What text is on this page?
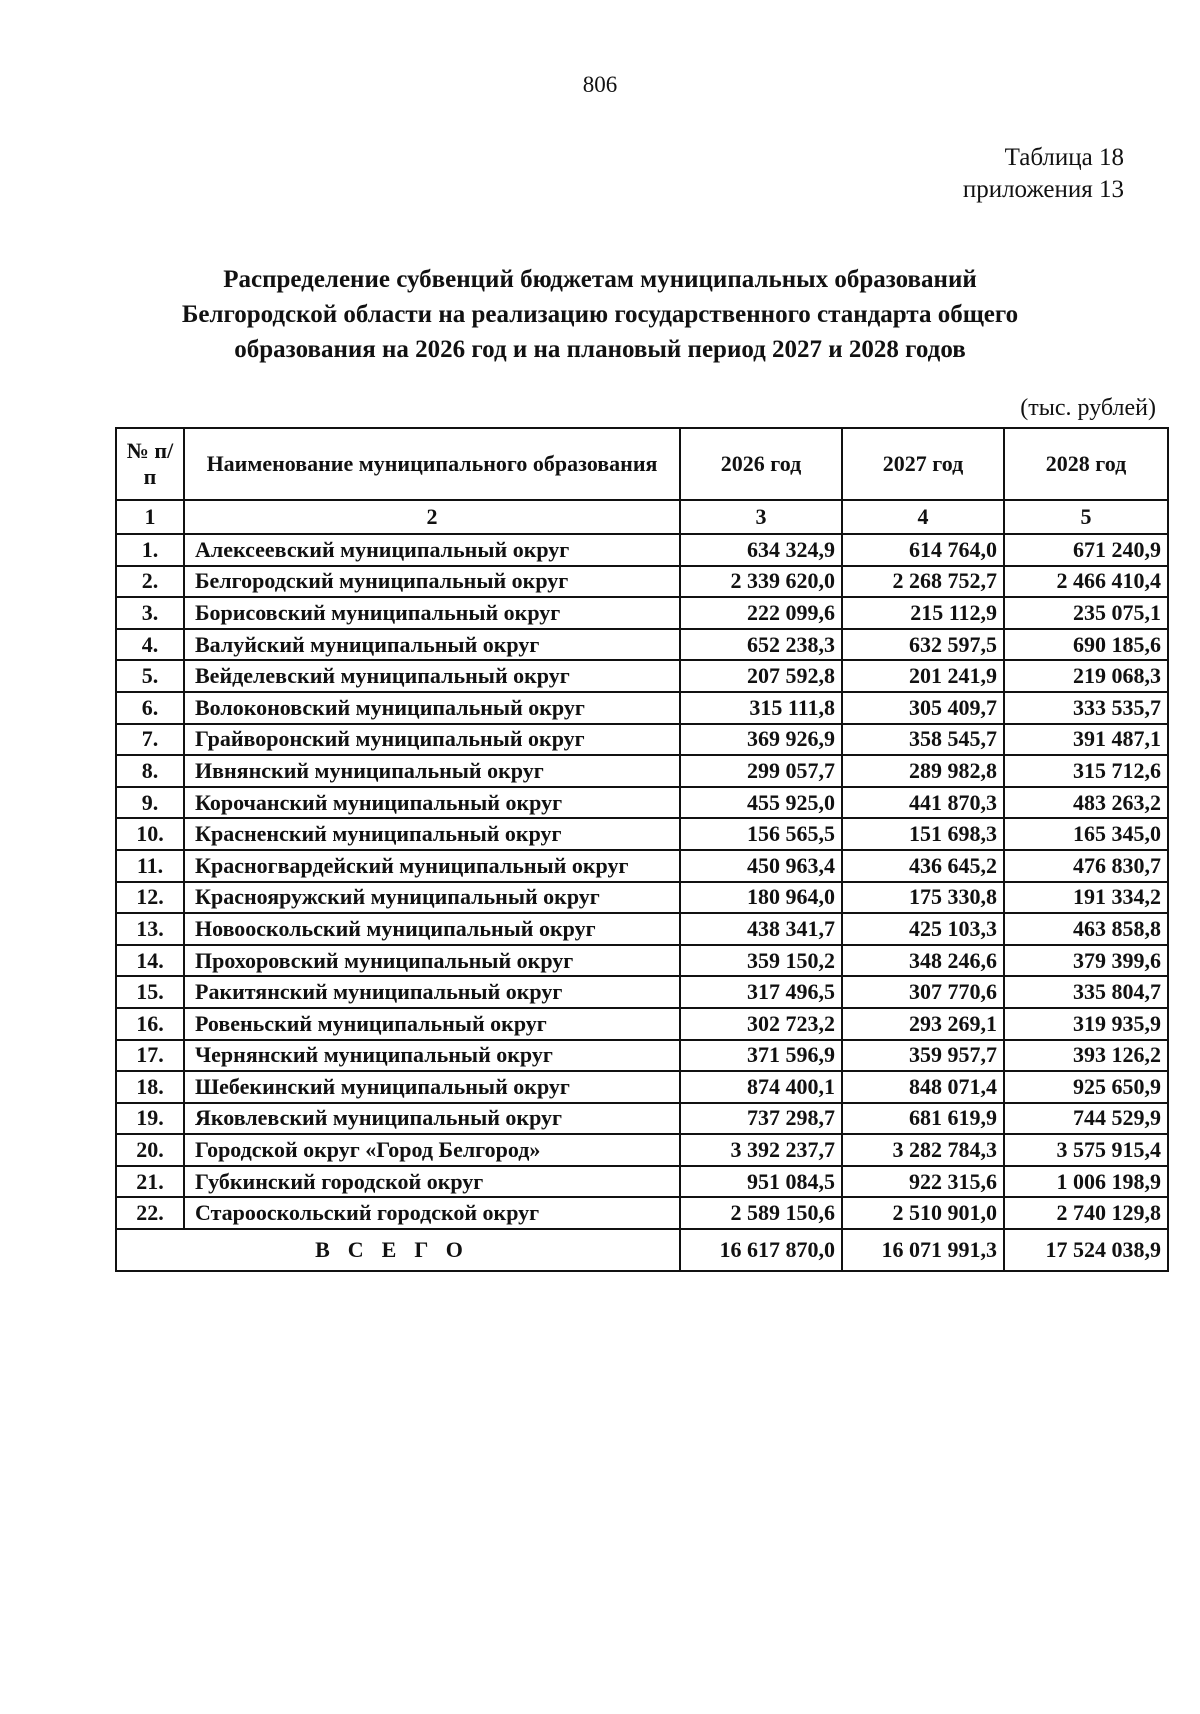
806
Таблица 18
приложения 13
Распределение субвенций бюджетам муниципальных образований
Белгородской области на реализацию государственного стандарта общего
образования на 2026 год и на плановый период 2027 и 2028 годов
(тыс. рублей)
№ п/п	Наименование муниципального образования	2026 год	2027 год	2028 год
1	2	3	4	5
1.	Алексеевский муниципальный округ	634 324,9	614 764,0	671 240,9
2.	Белгородский муниципальный округ	2 339 620,0	2 268 752,7	2 466 410,4
3.	Борисовский муниципальный округ	222 099,6	215 112,9	235 075,1
4.	Валуйский муниципальный округ	652 238,3	632 597,5	690 185,6
5.	Вейделевский муниципальный округ	207 592,8	201 241,9	219 068,3
6.	Волоконовский муниципальный округ	315 111,8	305 409,7	333 535,7
7.	Грайворонский муниципальный округ	369 926,9	358 545,7	391 487,1
8.	Ивнянский муниципальный округ	299 057,7	289 982,8	315 712,6
9.	Корочанский муниципальный округ	455 925,0	441 870,3	483 263,2
10.	Красненский муниципальный округ	156 565,5	151 698,3	165 345,0
11.	Красногвардейский муниципальный округ	450 963,4	436 645,2	476 830,7
12.	Краснояружский муниципальный округ	180 964,0	175 330,8	191 334,2
13.	Новооскольский муниципальный округ	438 341,7	425 103,3	463 858,8
14.	Прохоровский муниципальный округ	359 150,2	348 246,6	379 399,6
15.	Ракитянский муниципальный округ	317 496,5	307 770,6	335 804,7
16.	Ровеньский муниципальный округ	302 723,2	293 269,1	319 935,9
17.	Чернянский муниципальный округ	371 596,9	359 957,7	393 126,2
18.	Шебекинский муниципальный округ	874 400,1	848 071,4	925 650,9
19.	Яковлевский муниципальный округ	737 298,7	681 619,9	744 529,9
20.	Городской округ «Город Белгород»	3 392 237,7	3 282 784,3	3 575 915,4
21.	Губкинский городской округ	951 084,5	922 315,6	1 006 198,9
22.	Старооскольский городской округ	2 589 150,6	2 510 901,0	2 740 129,8
ВСЕГО		16 617 870,0	16 071 991,3	17 524 038,9
